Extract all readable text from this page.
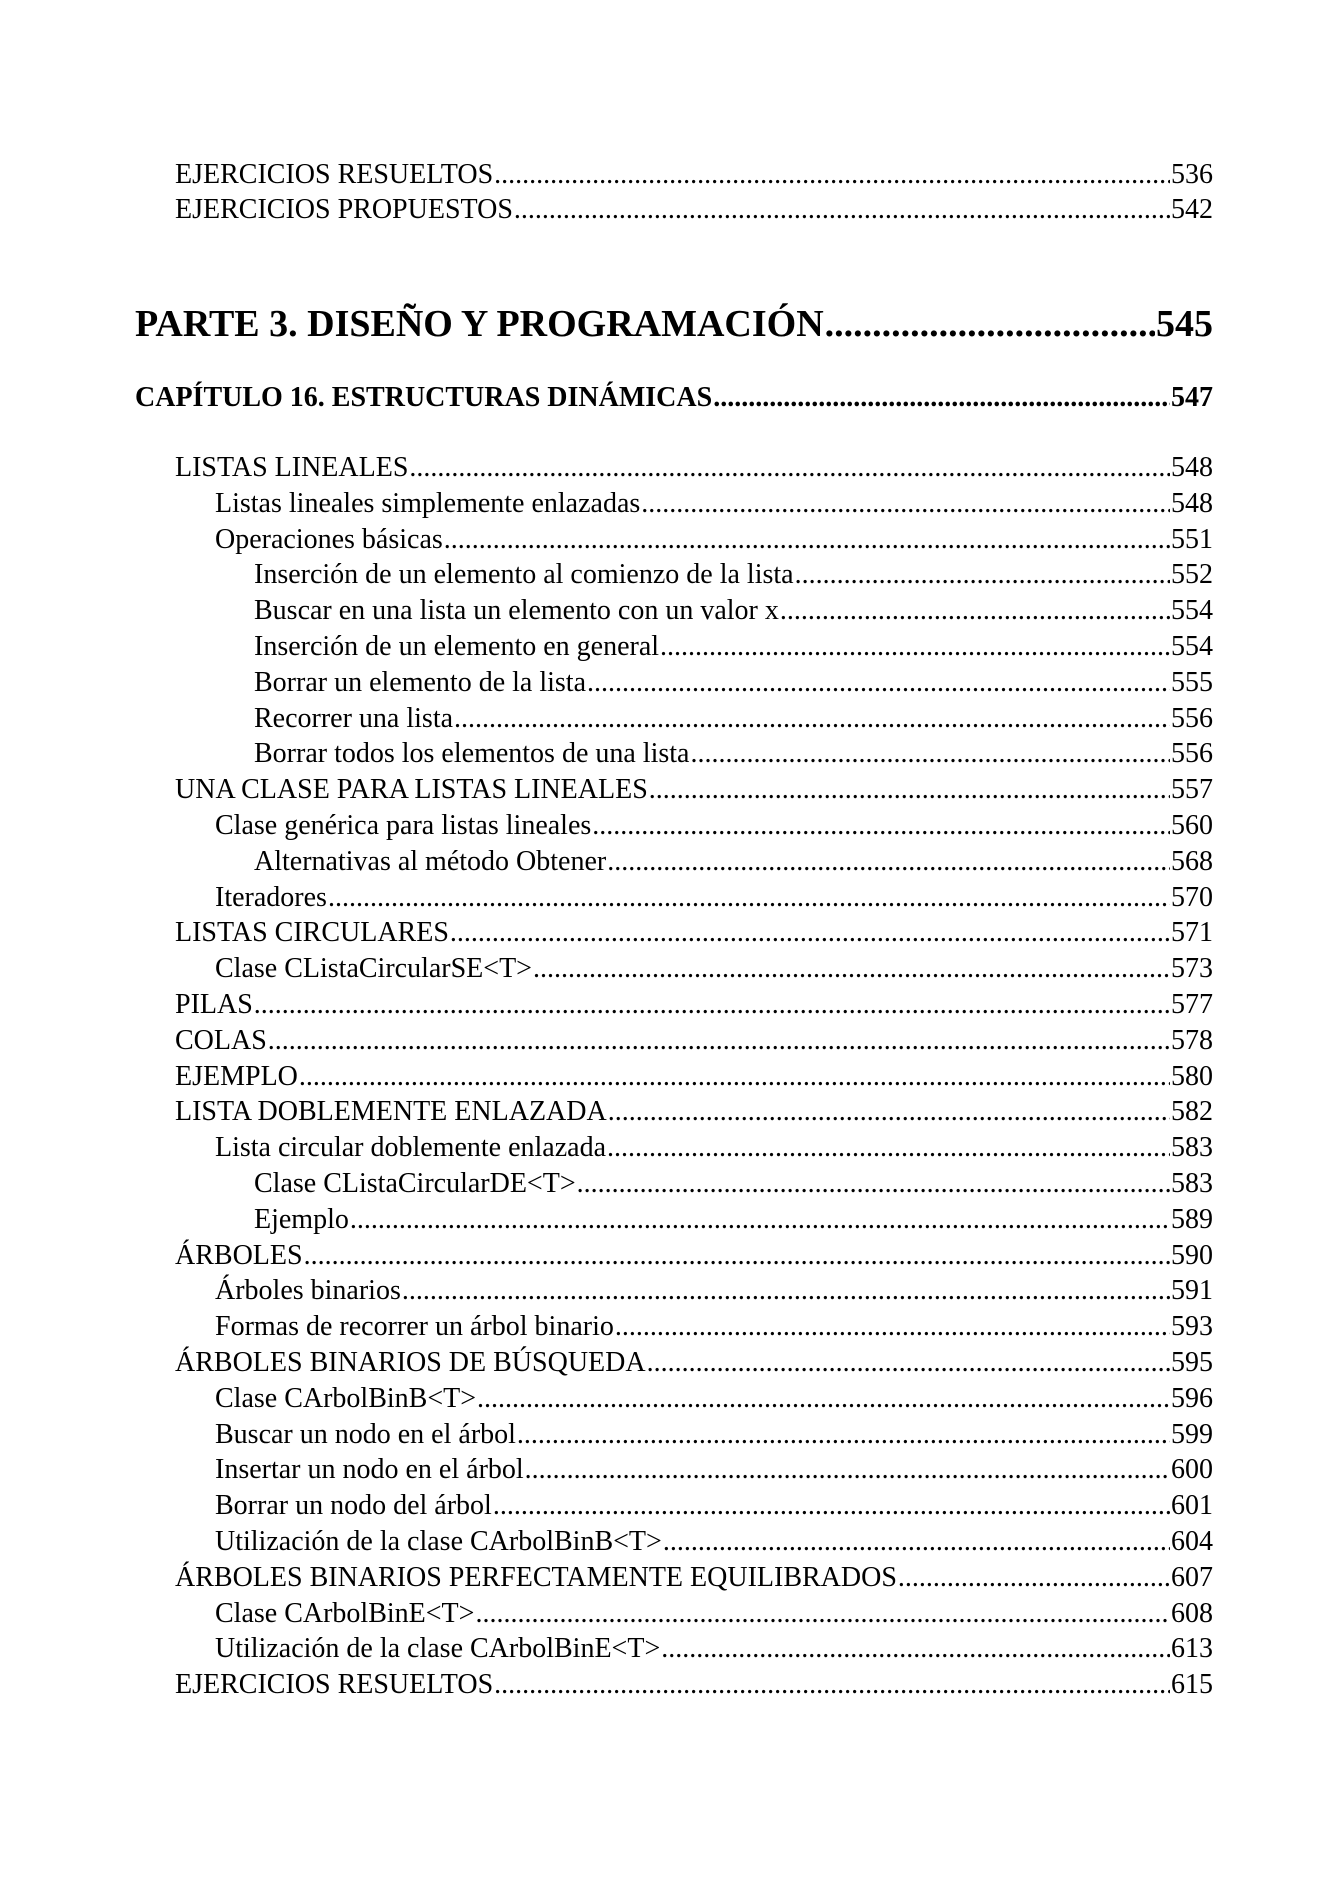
EJERCICIOS RESUELTOS .....	536
EJERCICIOS PROPUESTOS .....	542
PARTE 3. DISEÑO Y PROGRAMACIÓN .....	545
CAPÍTULO 16. ESTRUCTURAS DINÁMICAS .....	547
LISTAS LINEALES .....	548
Listas lineales simplemente enlazadas .....	548
Operaciones básicas .....	551
Inserción de un elemento al comienzo de la lista .....	552
Buscar en una lista un elemento con un valor x .....	554
Inserción de un elemento en general .....	554
Borrar un elemento de la lista .....	555
Recorrer una lista .....	556
Borrar todos los elementos de una lista .....	556
UNA CLASE PARA LISTAS LINEALES .....	557
Clase genérica para listas lineales .....	560
Alternativas al método Obtener .....	568
Iteradores .....	570
LISTAS CIRCULARES .....	571
Clase CListaCircularSE<T> .....	573
PILAS .....	577
COLAS .....	578
EJEMPLO .....	580
LISTA DOBLEMENTE ENLAZADA .....	582
Lista circular doblemente enlazada .....	583
Clase CListaCircularDE<T> .....	583
Ejemplo .....	589
ÁRBOLES .....	590
Árboles binarios .....	591
Formas de recorrer un árbol binario .....	593
ÁRBOLES BINARIOS DE BÚSQUEDA .....	595
Clase CArbolBinB<T> .....	596
Buscar un nodo en el árbol .....	599
Insertar un nodo en el árbol .....	600
Borrar un nodo del árbol .....	601
Utilización de la clase CArbolBinB<T> .....	604
ÁRBOLES BINARIOS PERFECTAMENTE EQUILIBRADOS .....	607
Clase CArbolBinE<T> .....	608
Utilización de la clase CArbolBinE<T> .....	613
EJERCICIOS RESUELTOS .....	615
